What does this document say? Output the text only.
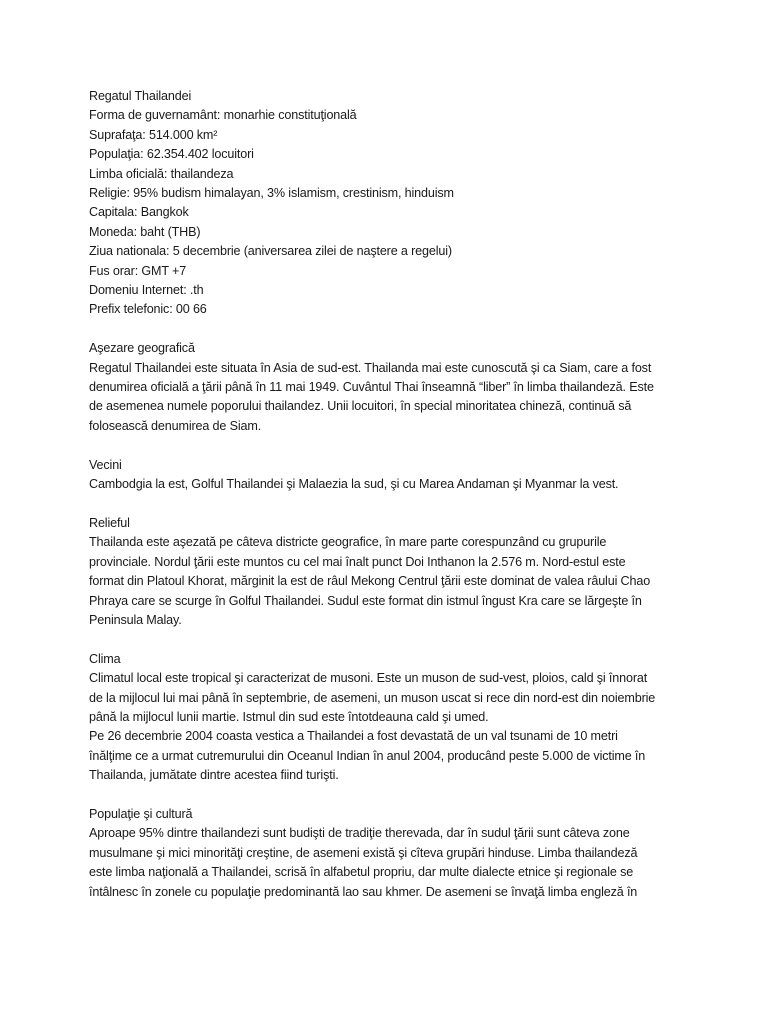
Regatul Thailandei

Forma de guvernamânt: monarhie constituţională

Suprafaţa: 514.000 km²

Populaţia: 62.354.402 locuitori

Limba oficială: thailandeza

Religie: 95% budism himalayan, 3% islamism, crestinism, hinduism

Capitala: Bangkok

Moneda: baht (THB)

Ziua nationala: 5 decembrie (aniversarea zilei de naştere a regelui)

Fus orar: GMT +7

Domeniu Internet: .th

Prefix telefonic: 00 66

Aşezare geografică

Regatul Thailandei este situata în Asia de sud-est. Thailanda mai este cunoscută şi ca Siam, care a fost
denumirea oficială a ţării până în 11 mai 1949. Cuvântul Thai înseamnă “liber” în limba thailandeză. Este
de asemenea numele poporului thailandez. Unii locuitori, în special minoritatea chineză, continuă să
folosească denumirea de Siam.

Vecini

Cambodgia la est, Golful Thailandei şi Malaezia la sud, şi cu Marea Andaman şi Myanmar la vest.

Relieful

Thailanda este aşezată pe câteva districte geografice, în mare parte corespunzând cu grupurile
provinciale. Nordul ţării este muntos cu cel mai înalt punct Doi Inthanon la 2.576 m. Nord-estul este
format din Platoul Khorat, mărginit la est de râul Mekong Centrul ţării este dominat de valea râului Chao
Phraya care se scurge în Golful Thailandei. Sudul este format din istmul îngust Kra care se lărgeşte în
Peninsula Malay.

Clima

Climatul local este tropical şi caracterizat de musoni. Este un muson de sud-vest, ploios, cald şi înnorat
de la mijlocul lui mai până în septembrie, de asemeni, un muson uscat si rece din nord-est din noiembrie
până la mijlocul lunii martie. Istmul din sud este întotdeauna cald şi umed.
Pe 26 decembrie 2004 coasta vestica a Thailandei a fost devastată de un val tsunami de 10 metri
înălţime ce a urmat cutremurului din Oceanul Indian în anul 2004, producând peste 5.000 de victime în
Thailanda, jumătate dintre acestea fiind turişti.

Populaţie şi cultură

Aproape 95% dintre thailandezi sunt budişti de tradiţie therevada, dar în sudul ţării sunt câteva zone
musulmane şi mici minorităţi creştine, de asemeni există şi cîteva grupări hinduse. Limba thailandeză
este limba naţională a Thailandei, scrisă în alfabetul propriu, dar multe dialecte etnice şi regionale se
întâlnesc în zonele cu populaţie predominantă lao sau khmer. De asemeni se învaţă limba engleză în
